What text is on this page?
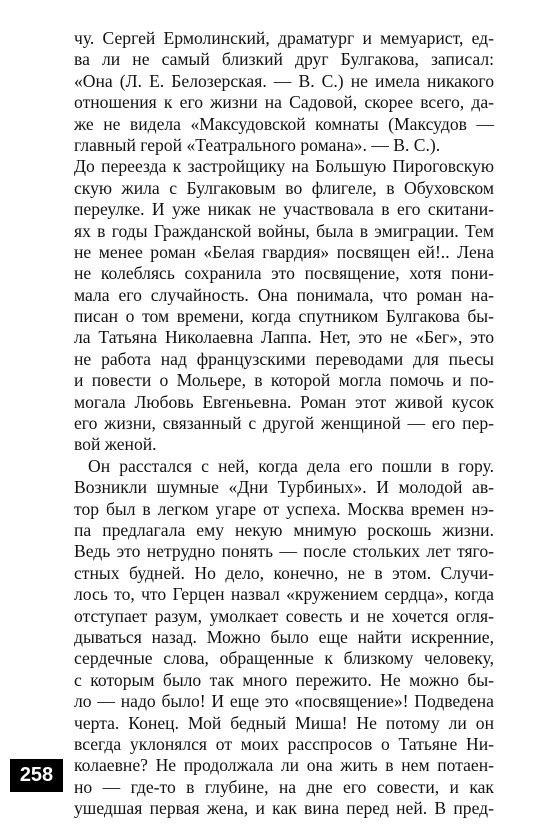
чу. Сергей Ермолинский, драматург и мемуарист, ед-
ва ли не самый близкий друг Булгакова, записал:
«Она (Л. Е. Белозерская. — В. С.) не имела никакого
отношения к его жизни на Садовой, скорее всего, да-
же не видела «Максудовской комнаты (Максудов —
главный герой «Театрального романа». — В. С.).
До переезда к застройщику на Большую Пироговскую
скую жила с Булгаковым во флигеле, в Обуховском
переулке. И уже никак не участвовала в его скитани-
ях в годы Гражданской войны, была в эмиграции. Тем
не менее роман «Белая гвардия» посвящен ей!.. Лена
не колеблясь сохранила это посвящение, хотя пони-
мала его случайность. Она понимала, что роман на-
писан о том времени, когда спутником Булгакова бы-
ла Татьяна Николаевна Лаппа. Нет, это не «Бег», это
не работа над французскими переводами для пьесы
и повести о Мольере, в которой могла помочь и по-
могала Любовь Евгеньевна. Роман этот живой кусок
его жизни, связанный с другой женщиной — его пер-
вой женой.
Он расстался с ней, когда дела его пошли в гору.
Возникли шумные «Дни Турбиных». И молодой ав-
тор был в легком угаре от успеха. Москва времен нэ-
па предлагала ему некую мнимую роскошь жизни.
Ведь это нетрудно понять — после стольких лет тяго-
стных будней. Но дело, конечно, не в этом. Случи-
лось то, что Герцен назвал «кружением сердца», когда
отступает разум, умолкает совесть и не хочется огля-
дываться назад. Можно было еще найти искренние,
сердечные слова, обращенные к близкому человеку,
с которым было так много пережито. Не можно бы-
ло — надо было! И еще это «посвящение»! Подведена
черта. Конец. Мой бедный Миша! Не потому ли он
всегда уклонялся от моих расспросов о Татьяне Ни-
колаевне? Не продолжала ли она жить в нем потаен-
но — где-то в глубине, на дне его совести, и как
ушедшая первая жена, и как вина перед ней. В пред-
258
